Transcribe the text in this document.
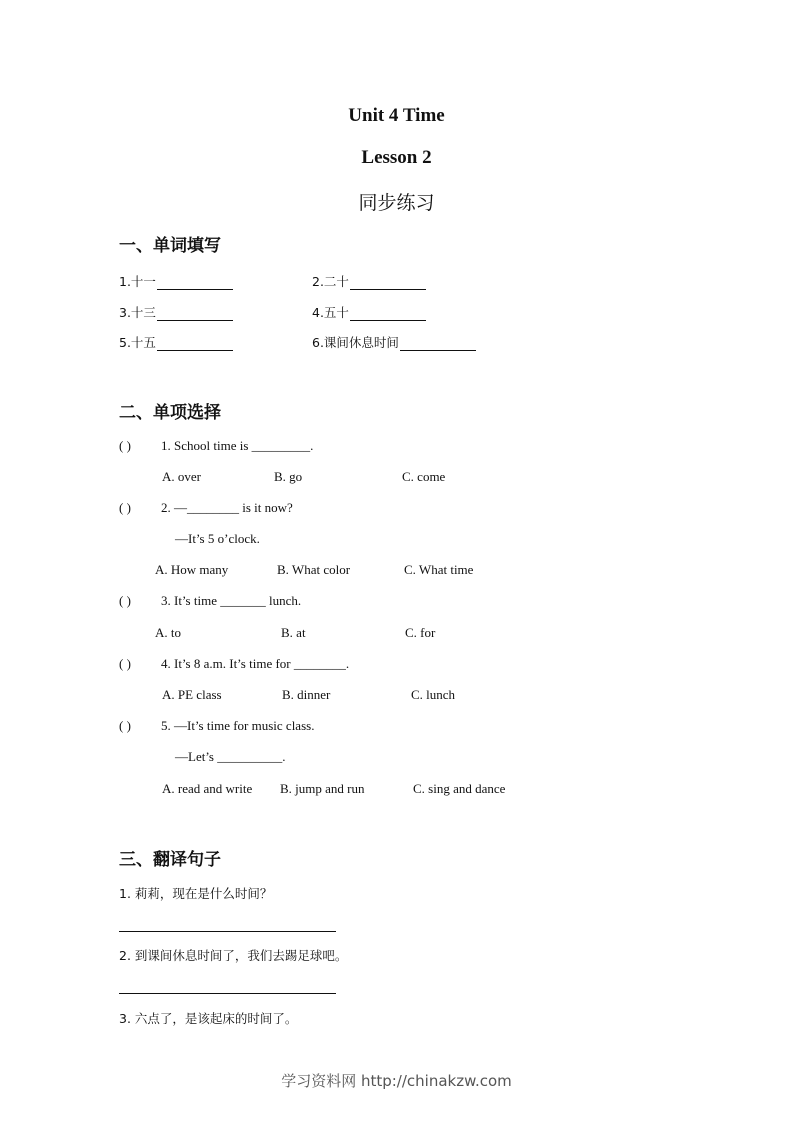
Unit 4 Time
Lesson 2
同步练习
一、单词填写
1.十一	2.二十
3.十三	4.五十
5.十五	6.课间休息时间
二、单项选择
( ) 1. School time is _________.
A. over	B. go	C. come
( ) 2. —________ is it now?
—It’s 5 o’clock.
A. How many	B. What color	C. What time
( ) 3. It’s time _______ lunch.
A. to	B. at	C. for
( ) 4. It’s 8 a.m. It’s time for ________.
A. PE class	B. dinner	C. lunch
( ) 5. —It’s time for music class.
—Let’s __________.
A. read and write B. jump and run	C. sing and dance
三、翻译句子
1. 莉莉，现在是什么时间？
2. 到课间休息时间了，我们去踢足球吧。
3. 六点了，是该起床的时间了。
学习资料网 http://chinakzw.com
